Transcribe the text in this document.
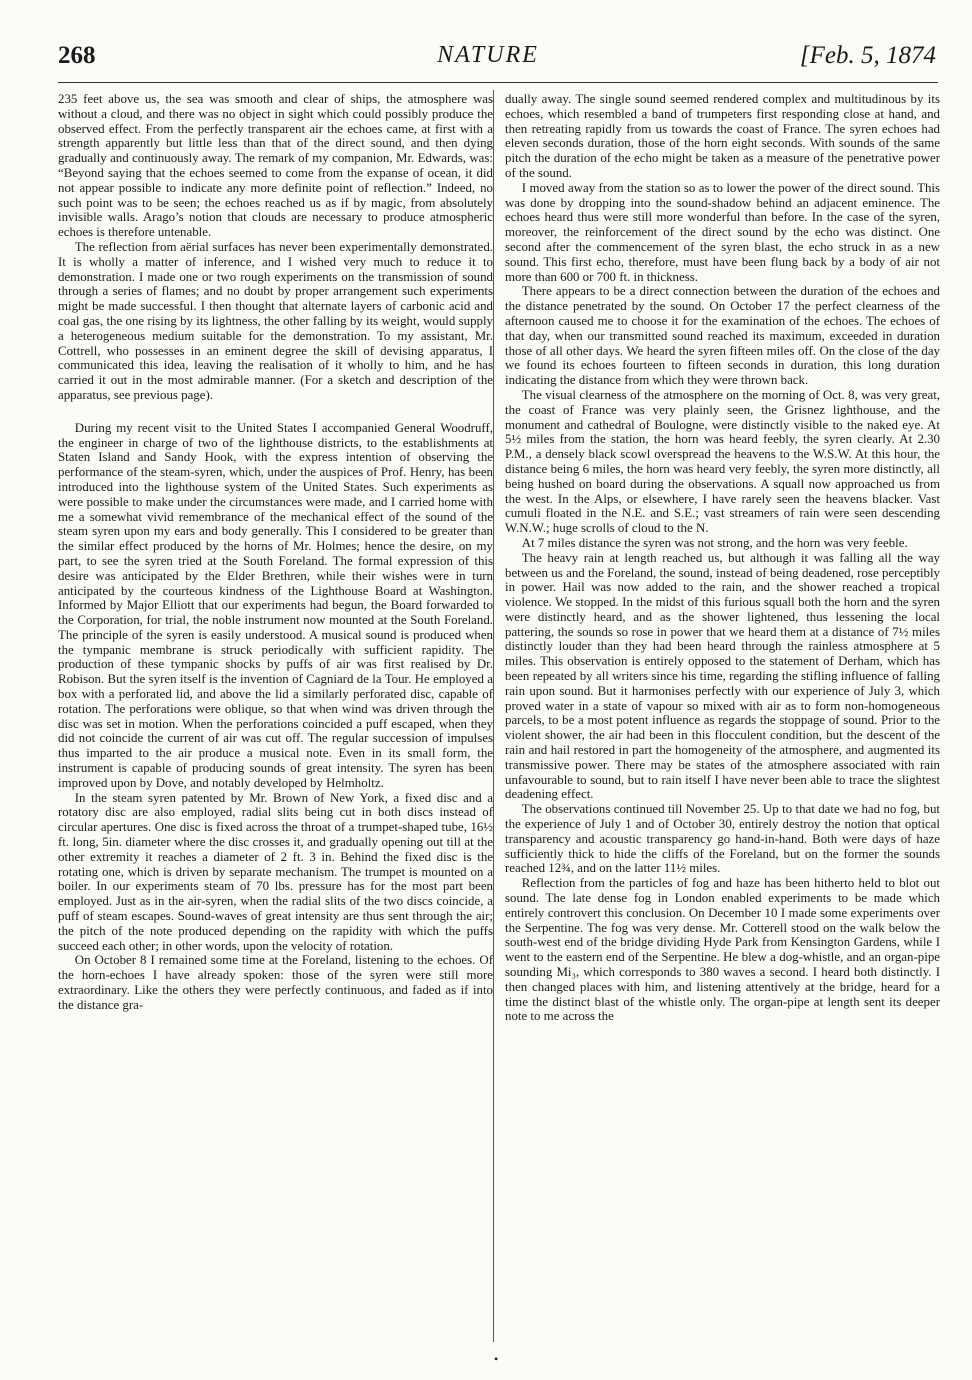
268	NATURE	[Feb. 5, 1874

235 feet above us, the sea was smooth and clear of ships, the atmosphere was without a cloud, and there was no object in sight which could possibly produce the observed effect. From the perfectly transparent air the echoes came, at first with a strength apparently but little less than that of the direct sound, and then dying gradually and continuously away. The remark of my companion, Mr. Edwards, was: “Beyond saying that the echoes seemed to come from the expanse of ocean, it did not appear possible to indicate any more definite point of reflection.” Indeed, no such point was to be seen; the echoes reached us as if by magic, from absolutely invisible walls. Arago’s notion that clouds are necessary to produce atmospheric echoes is therefore untenable.

The reflection from aërial surfaces has never been experimentally demonstrated. It is wholly a matter of inference, and I wished very much to reduce it to demonstration. I made one or two rough experiments on the transmission of sound through a series of flames; and no doubt by proper arrangement such experiments might be made successful. I then thought that alternate layers of carbonic acid and coal gas, the one rising by its lightness, the other falling by its weight, would supply a heterogeneous medium suitable for the demonstration. To my assistant, Mr. Cottrell, who possesses in an eminent degree the skill of devising apparatus, I communicated this idea, leaving the realisation of it wholly to him, and he has carried it out in the most admirable manner. (For a sketch and description of the apparatus, see previous page).

During my recent visit to the United States I accompanied General Woodruff, the engineer in charge of two of the lighthouse districts, to the establishments at Staten Island and Sandy Hook, with the express intention of observing the performance of the steam-syren, which, under the auspices of Prof. Henry, has been introduced into the lighthouse system of the United States. Such experiments as were possible to make under the circumstances were made, and I carried home with me a somewhat vivid remembrance of the mechanical effect of the sound of the steam syren upon my ears and body generally. This I considered to be greater than the similar effect produced by the horns of Mr. Holmes; hence the desire, on my part, to see the syren tried at the South Foreland. The formal expression of this desire was anticipated by the Elder Brethren, while their wishes were in turn anticipated by the courteous kindness of the Lighthouse Board at Washington. Informed by Major Elliott that our experiments had begun, the Board forwarded to the Corporation, for trial, the noble instrument now mounted at the South Foreland. The principle of the syren is easily understood. A musical sound is produced when the tympanic membrane is struck periodically with sufficient rapidity. The production of these tympanic shocks by puffs of air was first realised by Dr. Robison. But the syren itself is the invention of Cagniard de la Tour. He employed a box with a perforated lid, and above the lid a similarly perforated disc, capable of rotation. The perforations were oblique, so that when wind was driven through the disc was set in motion. When the perforations coincided a puff escaped, when they did not coincide the current of air was cut off. The regular succession of impulses thus imparted to the air produce a musical note. Even in its small form, the instrument is capable of producing sounds of great intensity. The syren has been improved upon by Dove, and notably developed by Helmholtz.

In the steam syren patented by Mr. Brown of New York, a fixed disc and a rotatory disc are also employed, radial slits being cut in both discs instead of circular apertures. One disc is fixed across the throat of a trumpet-shaped tube, 16½ ft. long, 5in. diameter where the disc crosses it, and gradually opening out till at the other extremity it reaches a diameter of 2 ft. 3 in. Behind the fixed disc is the rotating one, which is driven by separate mechanism. The trumpet is mounted on a boiler. In our experiments steam of 70 lbs. pressure has for the most part been employed. Just as in the air-syren, when the radial slits of the two discs coincide, a puff of steam escapes. Sound-waves of great intensity are thus sent through the air; the pitch of the note produced depending on the rapidity with which the puffs succeed each other; in other words, upon the velocity of rotation.

On October 8 I remained some time at the Foreland, listening to the echoes. Of the horn-echoes I have already spoken: those of the syren were still more extraordinary. Like the others they were perfectly continuous, and faded as if into the distance gra-

dually away. The single sound seemed rendered complex and multitudinous by its echoes, which resembled a band of trumpeters first responding close at hand, and then retreating rapidly from us towards the coast of France. The syren echoes had eleven seconds duration, those of the horn eight seconds. With sounds of the same pitch the duration of the echo might be taken as a measure of the penetrative power of the sound.

I moved away from the station so as to lower the power of the direct sound. This was done by dropping into the sound-shadow behind an adjacent eminence. The echoes heard thus were still more wonderful than before. In the case of the syren, moreover, the reinforcement of the direct sound by the echo was distinct. One second after the commencement of the syren blast, the echo struck in as a new sound. This first echo, therefore, must have been flung back by a body of air not more than 600 or 700 ft. in thickness.

There appears to be a direct connection between the duration of the echoes and the distance penetrated by the sound. On October 17 the perfect clearness of the afternoon caused me to choose it for the examination of the echoes. The echoes of that day, when our transmitted sound reached its maximum, exceeded in duration those of all other days. We heard the syren fifteen miles off. On the close of the day we found its echoes fourteen to fifteen seconds in duration, this long duration indicating the distance from which they were thrown back.

The visual clearness of the atmosphere on the morning of Oct. 8, was very great, the coast of France was very plainly seen, the Grisnez lighthouse, and the monument and cathedral of Boulogne, were distinctly visible to the naked eye. At 5½ miles from the station, the horn was heard feebly, the syren clearly. At 2.30 P.M., a densely black scowl overspread the heavens to the W.S.W. At this hour, the distance being 6 miles, the horn was heard very feebly, the syren more distinctly, all being hushed on board during the observations. A squall now approached us from the west. In the Alps, or elsewhere, I have rarely seen the heavens blacker. Vast cumuli floated in the N.E. and S.E.; vast streamers of rain were seen descending W.N.W.; huge scrolls of cloud to the N.

At 7 miles distance the syren was not strong, and the horn was very feeble.

The heavy rain at length reached us, but although it was falling all the way between us and the Foreland, the sound, instead of being deadened, rose perceptibly in power. Hail was now added to the rain, and the shower reached a tropical violence. We stopped. In the midst of this furious squall both the horn and the syren were distinctly heard, and as the shower lightened, thus lessening the local pattering, the sounds so rose in power that we heard them at a distance of 7½ miles distinctly louder than they had been heard through the rainless atmosphere at 5 miles. This observation is entirely opposed to the statement of Derham, which has been repeated by all writers since his time, regarding the stifling influence of falling rain upon sound. But it harmonises perfectly with our experience of July 3, which proved water in a state of vapour so mixed with air as to form non-homogeneous parcels, to be a most potent influence as regards the stoppage of sound. Prior to the violent shower, the air had been in this flocculent condition, but the descent of the rain and hail restored in part the homogeneity of the atmosphere, and augmented its transmissive power. There may be states of the atmosphere associated with rain unfavourable to sound, but to rain itself I have never been able to trace the slightest deadening effect.

The observations continued till November 25. Up to that date we had no fog, but the experience of July 1 and of October 30, entirely destroy the notion that optical transparency and acoustic transparency go hand-in-hand. Both were days of haze sufficiently thick to hide the cliffs of the Foreland, but on the former the sounds reached 12¾, and on the latter 11½ miles.

Reflection from the particles of fog and haze has been hitherto held to blot out sound. The late dense fog in London enabled experiments to be made which entirely controvert this conclusion. On December 10 I made some experiments over the Serpentine. The fog was very dense. Mr. Cotterell stood on the walk below the south-west end of the bridge dividing Hyde Park from Kensington Gardens, while I went to the eastern end of the Serpentine. He blew a dog-whistle, and an organ-pipe sounding Mi₃, which corresponds to 380 waves a second. I heard both distinctly. I then changed places with him, and listening attentively at the bridge, heard for a time the distinct blast of the whistle only. The organ-pipe at length sent its deeper note to me across the

•
